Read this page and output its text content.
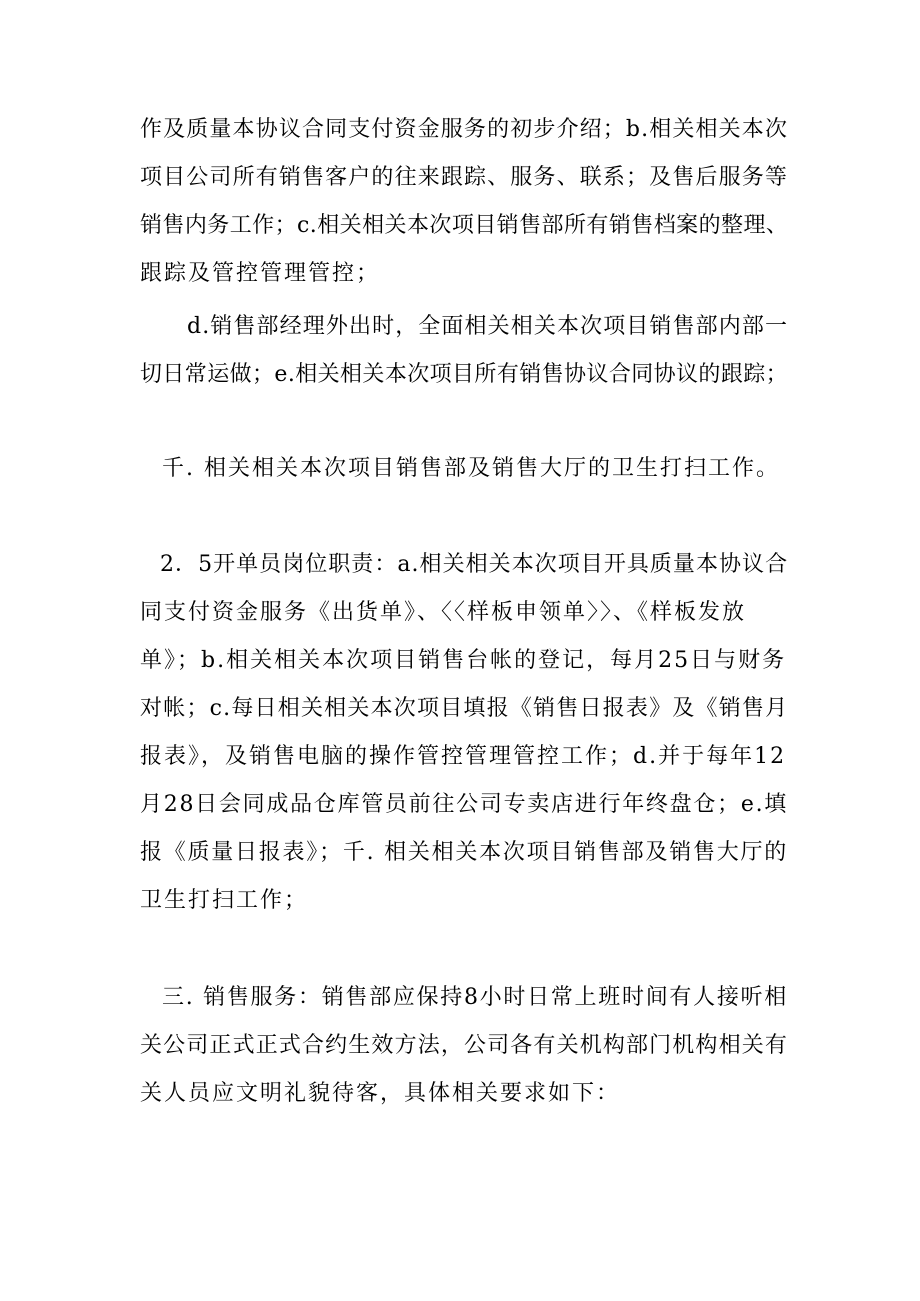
作及质量本协议合同支付资金服务的初步介绍；b.相关相关本次

项目公司所有销售客户的往来跟踪、服务、联系；及售后服务等

销售内务工作；c.相关相关本次项目销售部所有销售档案的整理、

跟踪及管控管理管控；

d.销售部经理外出时，全面相关相关本次项目销售部内部一

切日常运做；e.相关相关本次项目所有销售协议合同协议的跟踪；

千. 相关相关本次项目销售部及销售大厅的卫生打扫工作。

2．5开单员岗位职责：a.相关相关本次项目开具质量本协议合

同支付资金服务《出货单》、〈〈样板申领单〉〉、《样板发放

单》；b.相关相关本次项目销售台帐的登记，每月25日与财务

对帐；c.每日相关相关本次项目填报《销售日报表》及《销售月

报表》，及销售电脑的操作管控管理管控工作；d.并于每年12

月28日会同成品仓库管员前往公司专卖店进行年终盘仓；e.填

报《质量日报表》；千. 相关相关本次项目销售部及销售大厅的

卫生打扫工作；

三. 销售服务：销售部应保持8小时日常上班时间有人接听相

关公司正式正式合约生效方法，公司各有关机构部门机构相关有

关人员应文明礼貌待客，具体相关要求如下：
